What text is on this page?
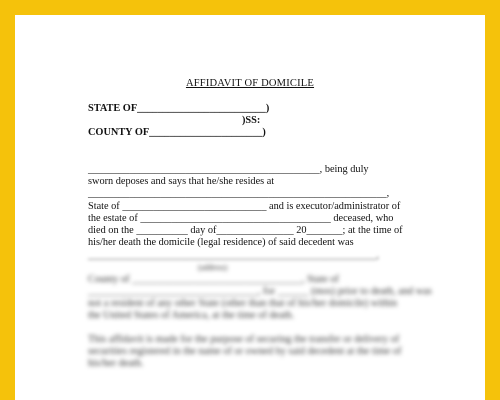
AFFIDAVIT OF DOMICILE
STATE OF_________________________)
)SS:
COUNTY OF______________________)
_____________________________________________, being duly
sworn deposes and says that he/she resides at
__________________________________________________________,
State of ____________________________ and is executor/administrator of
the estate of _____________________________________ deceased, who
died on the __________ day of_______________ 20_______; at the time of
his/her death the domicile (legal residence) of said decedent was
________________________________________________________,
(address)
County of _________________________________, State of
_________________________________, for ______ (mos) prior to death, and was
not a resident of any other State (other than that of his/her domicile) within
the United States of America, at the time of death.
This affidavit is made for the purpose of securing the transfer or delivery of
securities registered in the name of or owned by said decedent at the time of
his/her death.
